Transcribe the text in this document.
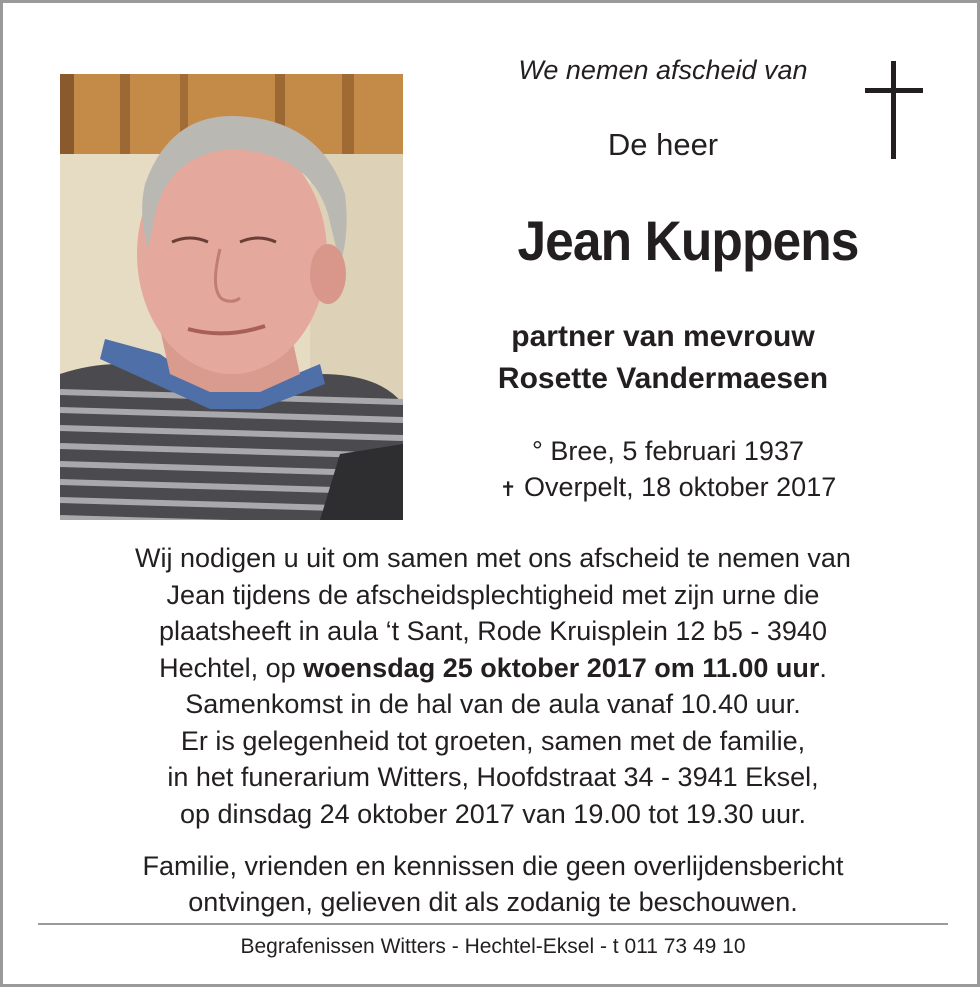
We nemen afscheid van
De heer
Jean Kuppens
partner van mevrouw
Rosette Vandermaesen
° Bree, 5 februari 1937
✝ Overpelt, 18 oktober 2017
Wij nodigen u uit om samen met ons afscheid te nemen van
Jean tijdens de afscheidsplechtigheid met zijn urne die
plaatsheeft in aula ‘t Sant, Rode Kruisplein 12 b5 - 3940
Hechtel, op woensdag 25 oktober 2017 om 11.00 uur.
Samenkomst in de hal van de aula vanaf 10.40 uur.
Er is gelegenheid tot groeten, samen met de familie,
in het funerarium Witters, Hoofdstraat 34 - 3941 Eksel,
op dinsdag 24 oktober 2017 van 19.00 tot 19.30 uur.
Familie, vrienden en kennissen die geen overlijdensbericht
ontvingen, gelieven dit als zodanig te beschouwen.
Begrafenissen Witters - Hechtel-Eksel - t 011 73 49 10
